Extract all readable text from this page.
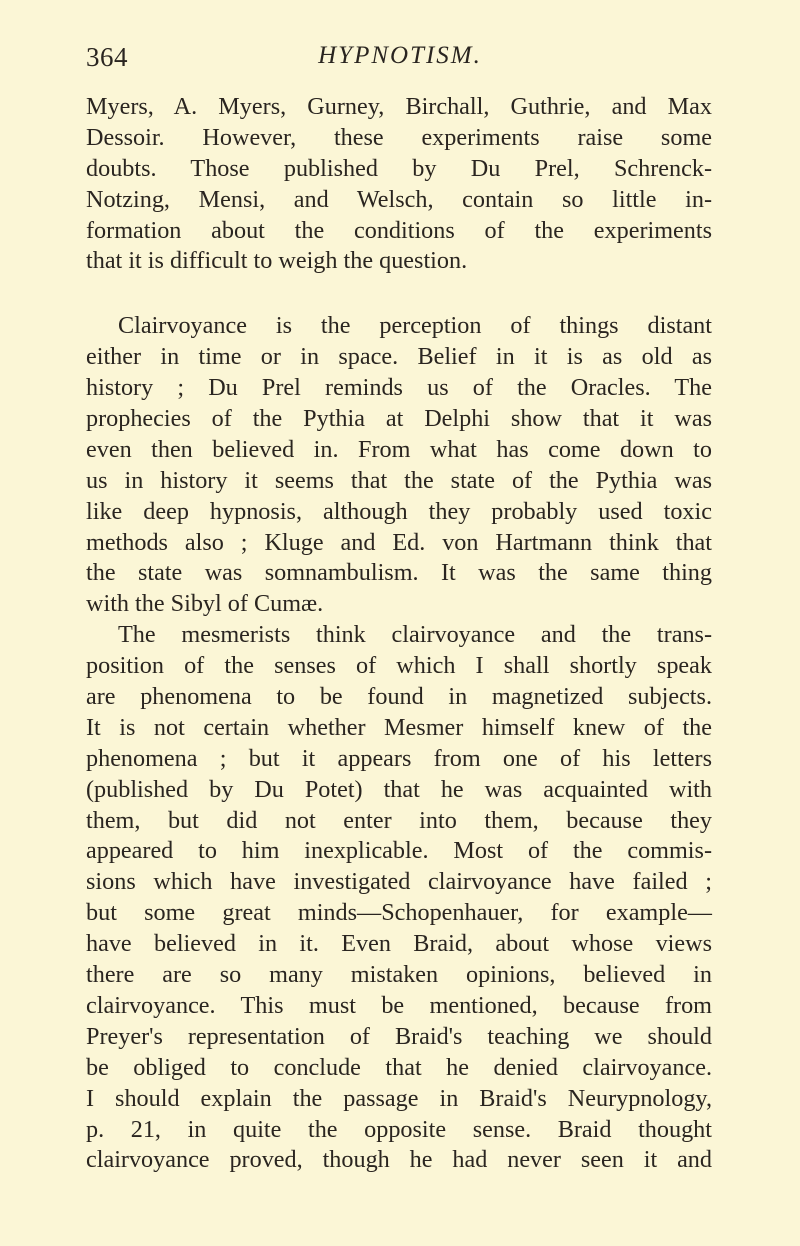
364	HYPNOTISM.
Myers, A. Myers, Gurney, Birchall, Guthrie, and Max
Dessoir. However, these experiments raise some
doubts. Those published by Du Prel, Schrenck-
Notzing, Mensi, and Welsch, contain so little in-
formation about the conditions of the experiments
that it is difficult to weigh the question.
Clairvoyance is the perception of things distant
either in time or in space. Belief in it is as old as
history ; Du Prel reminds us of the Oracles. The
prophecies of the Pythia at Delphi show that it was
even then believed in. From what has come down to
us in history it seems that the state of the Pythia was
like deep hypnosis, although they probably used toxic
methods also ; Kluge and Ed. von Hartmann think that
the state was somnambulism. It was the same thing
with the Sibyl of Cumæ.
The mesmerists think clairvoyance and the trans-
position of the senses of which I shall shortly speak
are phenomena to be found in magnetized subjects.
It is not certain whether Mesmer himself knew of the
phenomena ; but it appears from one of his letters
(published by Du Potet) that he was acquainted with
them, but did not enter into them, because they
appeared to him inexplicable. Most of the commis-
sions which have investigated clairvoyance have failed ;
but some great minds—Schopenhauer, for example—
have believed in it. Even Braid, about whose views
there are so many mistaken opinions, believed in
clairvoyance. This must be mentioned, because from
Preyer's representation of Braid's teaching we should
be obliged to conclude that he denied clairvoyance.
I should explain the passage in Braid's Neurypnology,
p. 21, in quite the opposite sense. Braid thought
clairvoyance proved, though he had never seen it and
